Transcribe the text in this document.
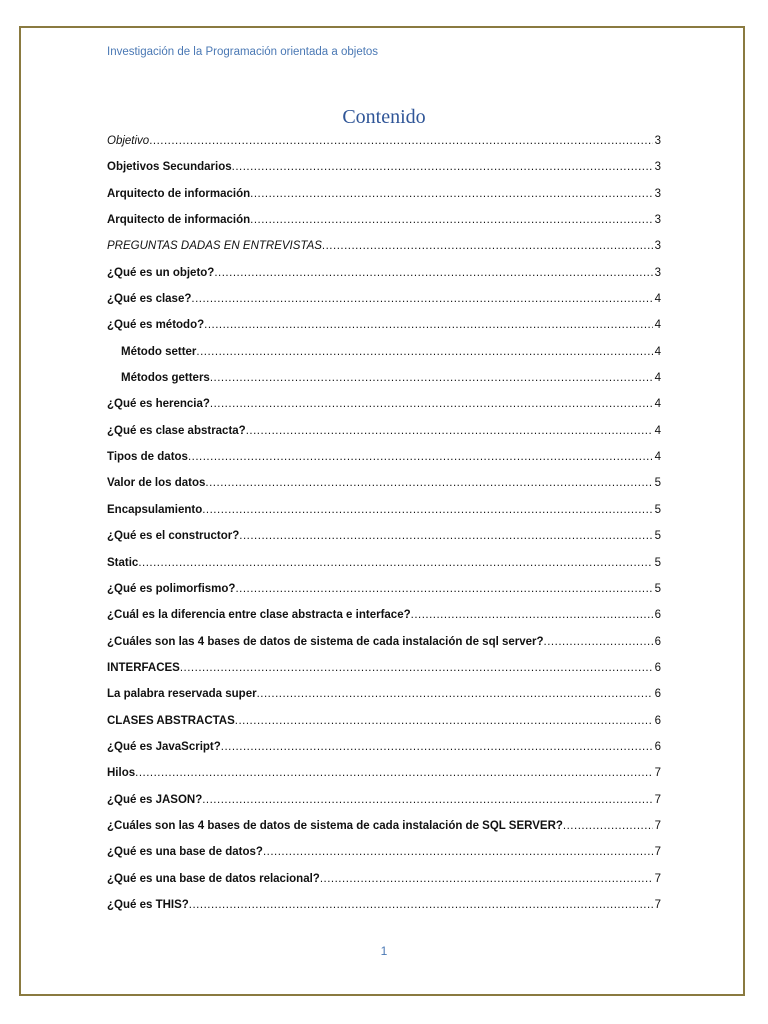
Investigación de la Programación orientada a objetos
Contenido
Objetivo .....	3
Objetivos Secundarios .....	3
Arquitecto de información .....	3
Arquitecto de información .....	3
PREGUNTAS DADAS EN ENTREVISTAS .....	3
¿Qué es un objeto? .....	3
¿Qué es clase? .....	4
¿Qué es método? .....	4
Método setter .....	4
Métodos getters .....	4
¿Qué es herencia? .....	4
¿Qué es clase abstracta? .....	4
Tipos de datos .....	4
Valor de los datos .....	5
Encapsulamiento .....	5
¿Qué es el constructor? .....	5
Static .....	5
¿Qué es polimorfismo? .....	5
¿Cuál es la diferencia entre clase abstracta e interface? .....	6
¿Cuáles son las 4 bases de datos de sistema de cada instalación de sql server? .....	6
INTERFACES .....	6
La palabra reservada super .....	6
CLASES ABSTRACTAS .....	6
¿Qué es JavaScript? .....	6
Hilos .....	7
¿Qué es JASON? .....	7
¿Cuáles son las 4 bases de datos de sistema de cada instalación de SQL SERVER? .....	7
¿Qué es una base de datos? .....	7
¿Qué es una base de datos relacional? .....	7
¿Qué es THIS? .....	7
1
